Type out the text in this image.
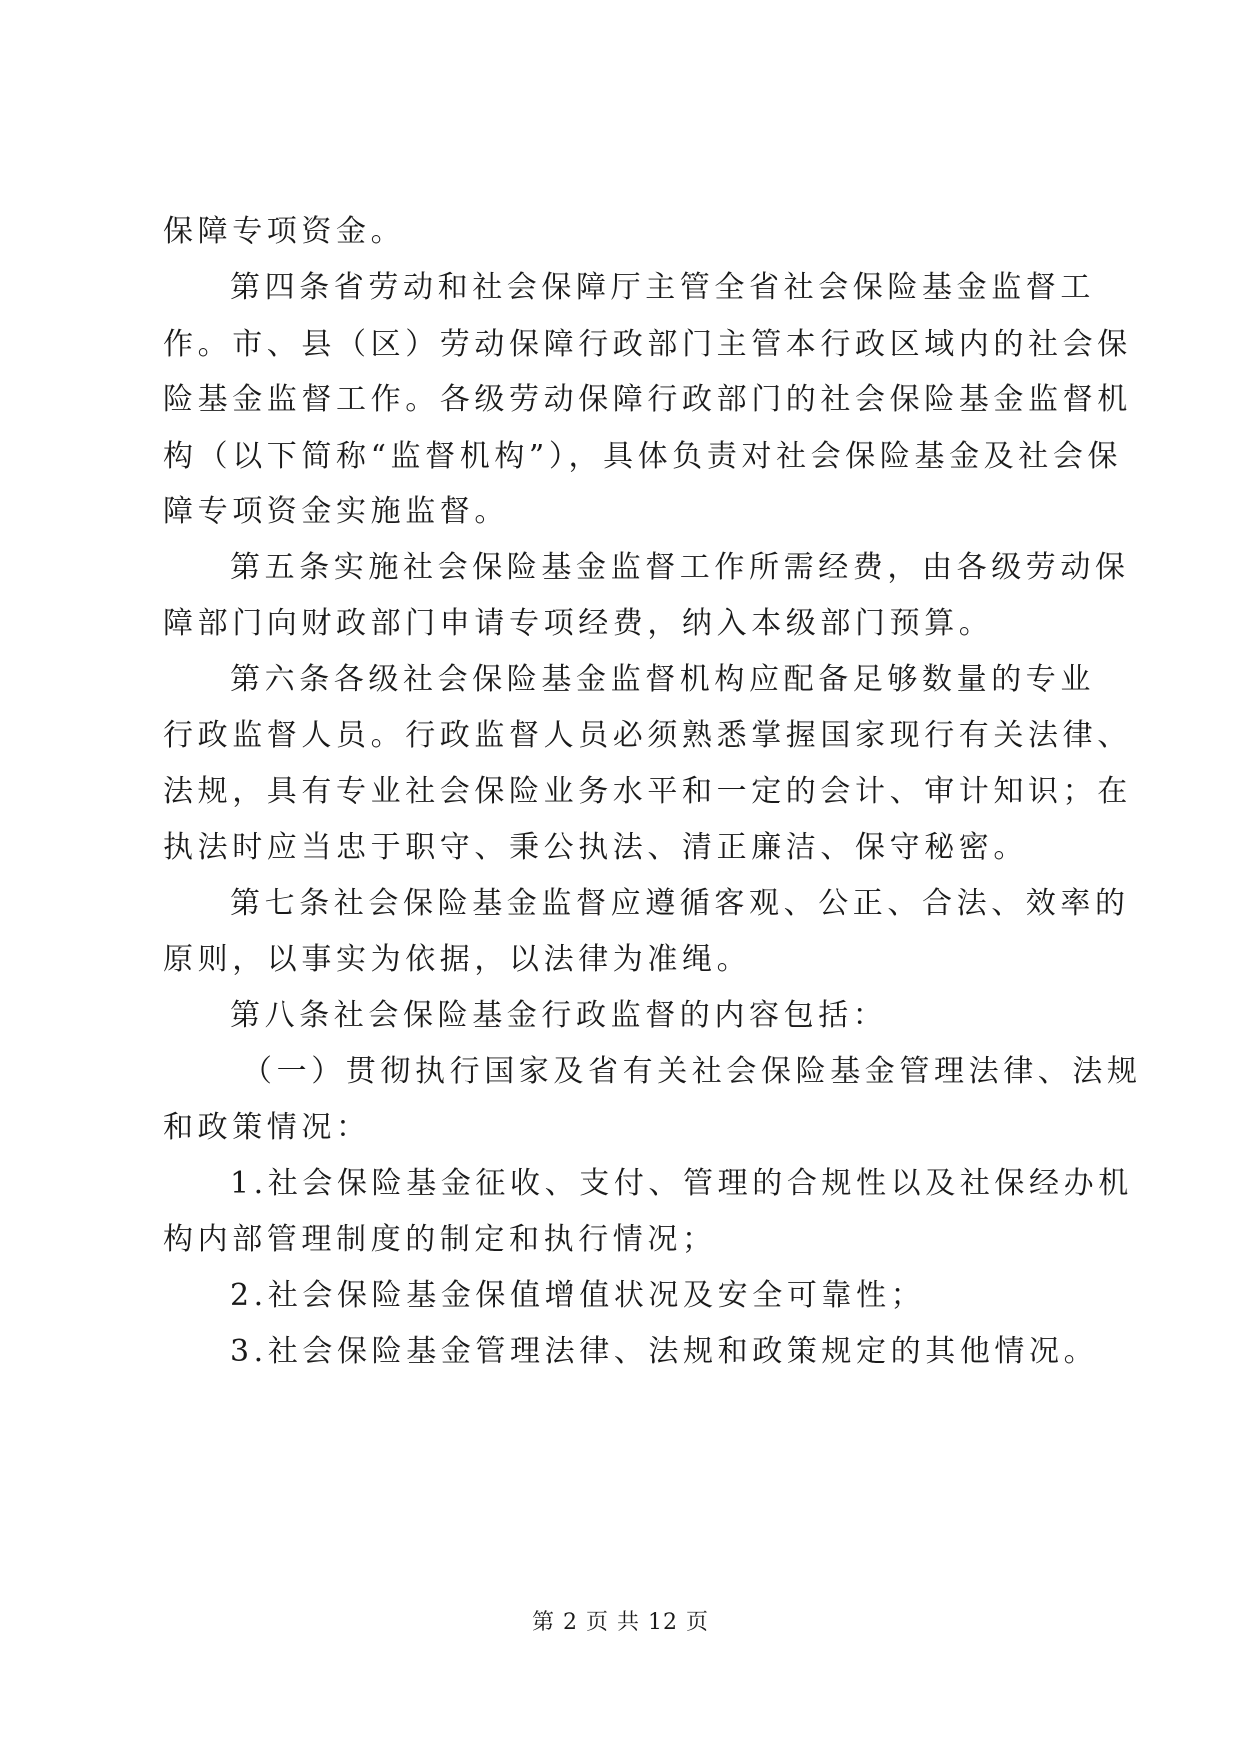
保障专项资金。
第四条省劳动和社会保障厅主管全省社会保险基金监督工
作。市、县（区）劳动保障行政部门主管本行政区域内的社会保
险基金监督工作。各级劳动保障行政部门的社会保险基金监督机
构（以下简称“监督机构”），具体负责对社会保险基金及社会保
障专项资金实施监督。
第五条实施社会保险基金监督工作所需经费，由各级劳动保
障部门向财政部门申请专项经费，纳入本级部门预算。
第六条各级社会保险基金监督机构应配备足够数量的专业
行政监督人员。行政监督人员必须熟悉掌握国家现行有关法律、
法规，具有专业社会保险业务水平和一定的会计、审计知识；在
执法时应当忠于职守、秉公执法、清正廉洁、保守秘密。
第七条社会保险基金监督应遵循客观、公正、合法、效率的
原则，以事实为依据，以法律为准绳。
第八条社会保险基金行政监督的内容包括：
（一）贯彻执行国家及省有关社会保险基金管理法律、法规
和政策情况：
1.社会保险基金征收、支付、管理的合规性以及社保经办机
构内部管理制度的制定和执行情况；
2.社会保险基金保值增值状况及安全可靠性；
3.社会保险基金管理法律、法规和政策规定的其他情况。
第 2 页 共 12 页
